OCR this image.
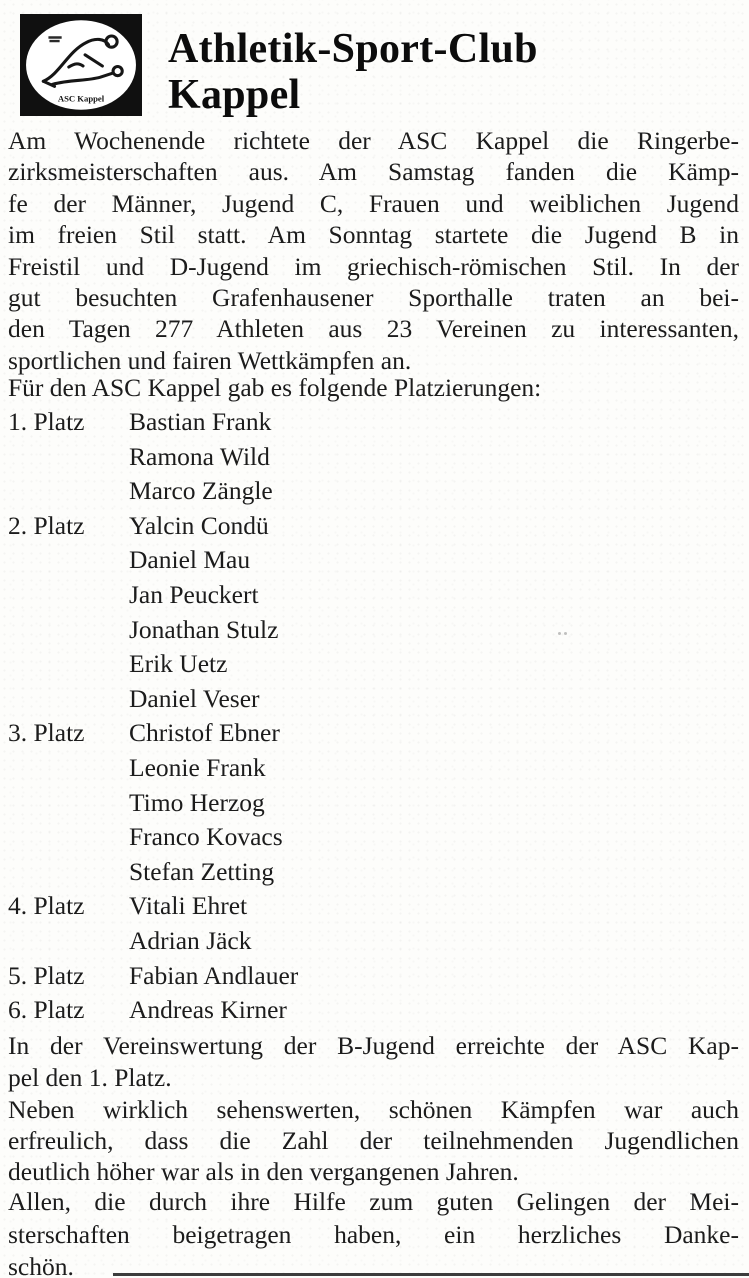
ASC Kappel
Athletik-Sport-Club
Kappel
Am Wochenende richtete der ASC Kappel die Ringerbe-
zirksmeisterschaften aus. Am Samstag fanden die Kämp-
fe der Männer, Jugend C, Frauen und weiblichen Jugend
im freien Stil statt. Am Sonntag startete die Jugend B in
Freistil und D-Jugend im griechisch-römischen Stil. In der
gut besuchten Grafenhausener Sporthalle traten an bei-
den Tagen 277 Athleten aus 23 Vereinen zu interessanten,
sportlichen und fairen Wettkämpfen an.
Für den ASC Kappel gab es folgende Platzierungen:
1. Platz	Bastian Frank
Ramona Wild
Marco Zängle
2. Platz	Yalcin Condü
Daniel Mau
Jan Peuckert
Jonathan Stulz
Erik Uetz
Daniel Veser
3. Platz	Christof Ebner
Leonie Frank
Timo Herzog
Franco Kovacs
Stefan Zetting
4. Platz	Vitali Ehret
Adrian Jäck
5. Platz	Fabian Andlauer
6. Platz	Andreas Kirner
In der Vereinswertung der B-Jugend erreichte der ASC Kap-
pel den 1. Platz.
Neben wirklich sehenswerten, schönen Kämpfen war auch
erfreulich, dass die Zahl der teilnehmenden Jugendlichen
deutlich höher war als in den vergangenen Jahren.
Allen, die durch ihre Hilfe zum guten Gelingen der Mei-
sterschaften beigetragen haben, ein herzliches Danke-
schön.
